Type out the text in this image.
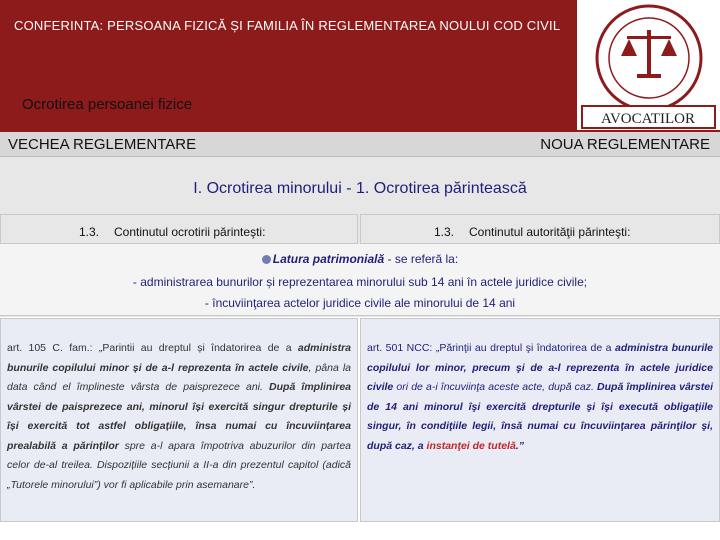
CONFERINTA: PERSOANA FIZICĂ ȘI FAMILIA ÎN REGLEMENTAREA NOULUI COD CIVIL
Ocrotirea persoanei fizice
AVOCATILOR
VECHEA REGLEMENTARE	NOUA REGLEMENTARE
I. Ocrotirea minorului - 1. Ocrotirea părintească
1.3. Continutul ocrotirii părinteşti:	1.3. Continutul autorităţii părinteşti:
Latura patrimonială - se referă la:
- administrarea bunurilor și reprezentarea minorului sub 14 ani în actele juridice civile;
- încuviinţarea actelor juridice civile ale minorului de 14 ani
art. 105 C. fam.: „Parintii au dreptul și îndatorirea de a administra bunurile copilului minor și de a-l reprezenta în actele civile, pâna la data când el împlineste vârsta de paisprezece ani. După împlinirea vârstei de paisprezece ani, minorul își exercită singur drepturile și își exercită tot astfel obligațiile, însa numai cu încuviințarea prealabilă a părinților spre a-l apara împotriva abuzurilor din partea celor de-al treilea. Dispozițiile secțiunii a II-a din prezentul capitol (adică „Tutorele minorului”) vor fi aplicabile prin asemanare”.
art. 501 NCC: „Părinţii au dreptul şi îndatorirea de a administra bunurile copilului lor minor, precum şi de a-l reprezenta în actele juridice civile ori de a-i încuviinţa aceste acte, după caz. După împlinirea vârstei de 14 ani minorul îşi exercită drepturile şi îşi execută obligaţiile singur, în condiţiile legii, însă numai cu încuviinţarea părinţilor şi, după caz, a instanţei de tutelă.”
